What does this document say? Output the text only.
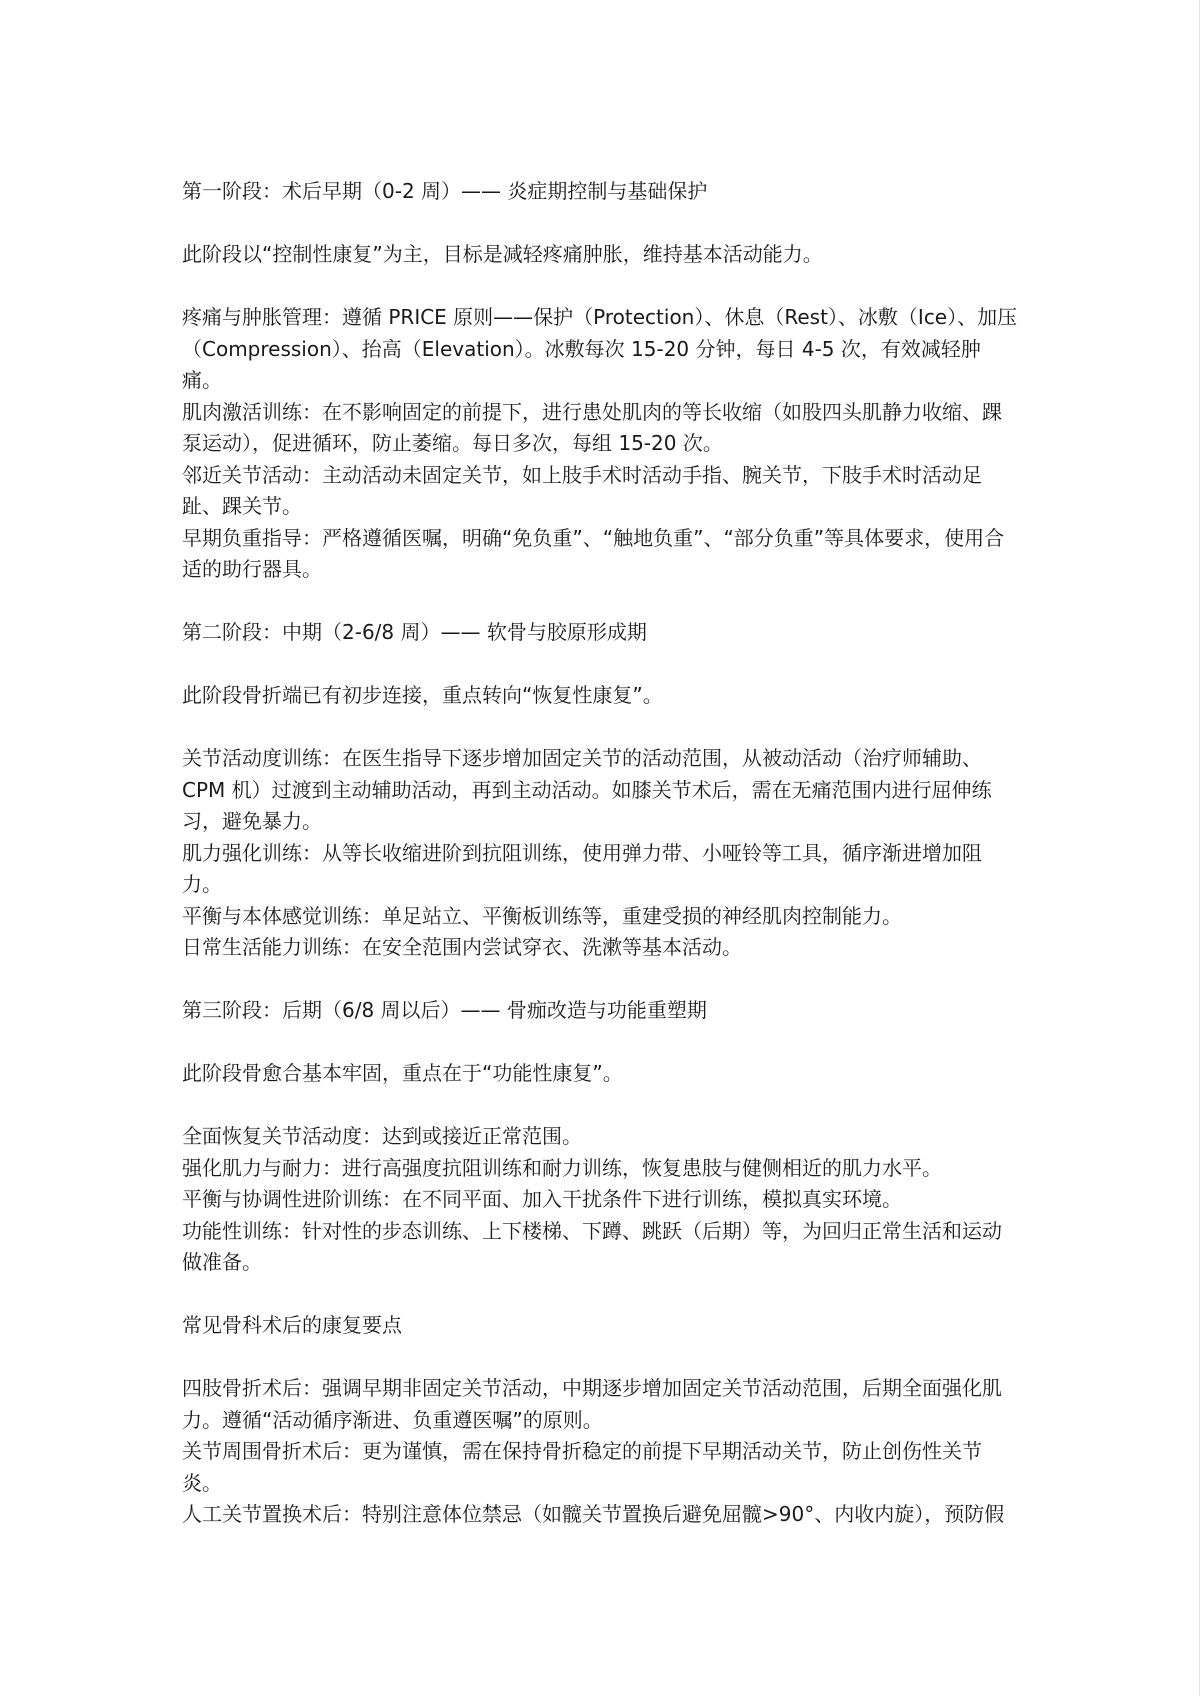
第一阶段：术后早期（0-2 周）—— 炎症期控制与基础保护

此阶段以“控制性康复”为主，目标是减轻疼痛肿胀，维持基本活动能力。

疼痛与肿胀管理：遵循 PRICE 原则——保护（Protection）、休息（Rest）、冰敷（Ice）、加压（Compression）、抬高（Elevation）。冰敷每次 15-20 分钟，每日 4-5 次，有效减轻肿痛。

肌肉激活训练：在不影响固定的前提下，进行患处肌肉的等长收缩（如股四头肌静力收缩、踝泵运动），促进循环，防止萎缩。每日多次，每组 15-20 次。

邻近关节活动：主动活动未固定关节，如上肢手术时活动手指、腕关节，下肢手术时活动足趾、踝关节。

早期负重指导：严格遵循医嘱，明确“免负重”、“触地负重”、“部分负重”等具体要求，使用合适的助行器具。

第二阶段：中期（2-6/8 周）—— 软骨与胶原形成期

此阶段骨折端已有初步连接，重点转向“恢复性康复”。

关节活动度训练：在医生指导下逐步增加固定关节的活动范围，从被动活动（治疗师辅助、CPM 机）过渡到主动辅助活动，再到主动活动。如膝关节术后，需在无痛范围内进行屈伸练习，避免暴力。

肌力强化训练：从等长收缩进阶到抗阻训练，使用弹力带、小哑铃等工具，循序渐进增加阻力。

平衡与本体感觉训练：单足站立、平衡板训练等，重建受损的神经肌肉控制能力。

日常生活能力训练：在安全范围内尝试穿衣、洗漱等基本活动。

第三阶段：后期（6/8 周以后）—— 骨痂改造与功能重塑期

此阶段骨愈合基本牢固，重点在于“功能性康复”。

全面恢复关节活动度：达到或接近正常范围。

强化肌力与耐力：进行高强度抗阻训练和耐力训练，恢复患肢与健侧相近的肌力水平。

平衡与协调性进阶训练：在不同平面、加入干扰条件下进行训练，模拟真实环境。

功能性训练：针对性的步态训练、上下楼梯、下蹲、跳跃（后期）等，为回归正常生活和运动做准备。

常见骨科术后的康复要点

四肢骨折术后：强调早期非固定关节活动，中期逐步增加固定关节活动范围，后期全面强化肌力。遵循“活动循序渐进、负重遵医嘱”的原则。

关节周围骨折术后：更为谨慎，需在保持骨折稳定的前提下早期活动关节，防止创伤性关节炎。

人工关节置换术后：特别注意体位禁忌（如髋关节置换后避免屈髋>90°、内收内旋），预防假
